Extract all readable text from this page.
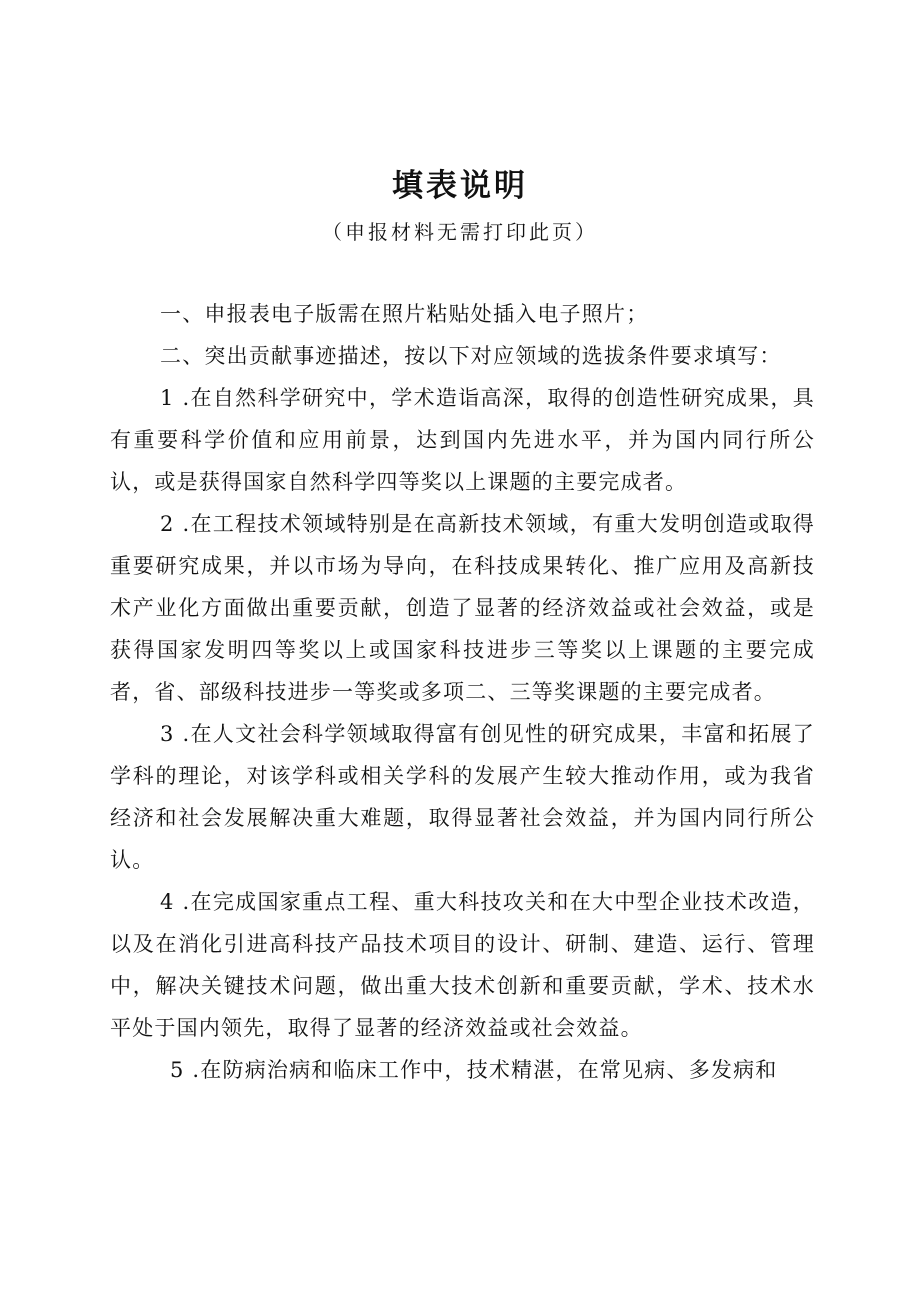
填表说明

（申报材料无需打印此页）

一、申报表电子版需在照片粘贴处插入电子照片；

二、突出贡献事迹描述，按以下对应领域的选拔条件要求填写：

1 .在自然科学研究中，学术造诣高深，取得的创造性研究成果，具有重要科学价值和应用前景，达到国内先进水平，并为国内同行所公认，或是获得国家自然科学四等奖以上课题的主要完成者。

2 .在工程技术领域特别是在高新技术领域，有重大发明创造或取得重要研究成果，并以市场为导向，在科技成果转化、推广应用及高新技术产业化方面做出重要贡献，创造了显著的经济效益或社会效益，或是获得国家发明四等奖以上或国家科技进步三等奖以上课题的主要完成者，省、部级科技进步一等奖或多项二、三等奖课题的主要完成者。

3 .在人文社会科学领域取得富有创见性的研究成果，丰富和拓展了学科的理论，对该学科或相关学科的发展产生较大推动作用，或为我省经济和社会发展解决重大难题，取得显著社会效益，并为国内同行所公认。

4 .在完成国家重点工程、重大科技攻关和在大中型企业技术改造，以及在消化引进高科技产品技术项目的设计、研制、建造、运行、管理中，解决关键技术问题，做出重大技术创新和重要贡献，学术、技术水平处于国内领先，取得了显著的经济效益或社会效益。

5 .在防病治病和临床工作中，技术精湛，在常见病、多发病和
